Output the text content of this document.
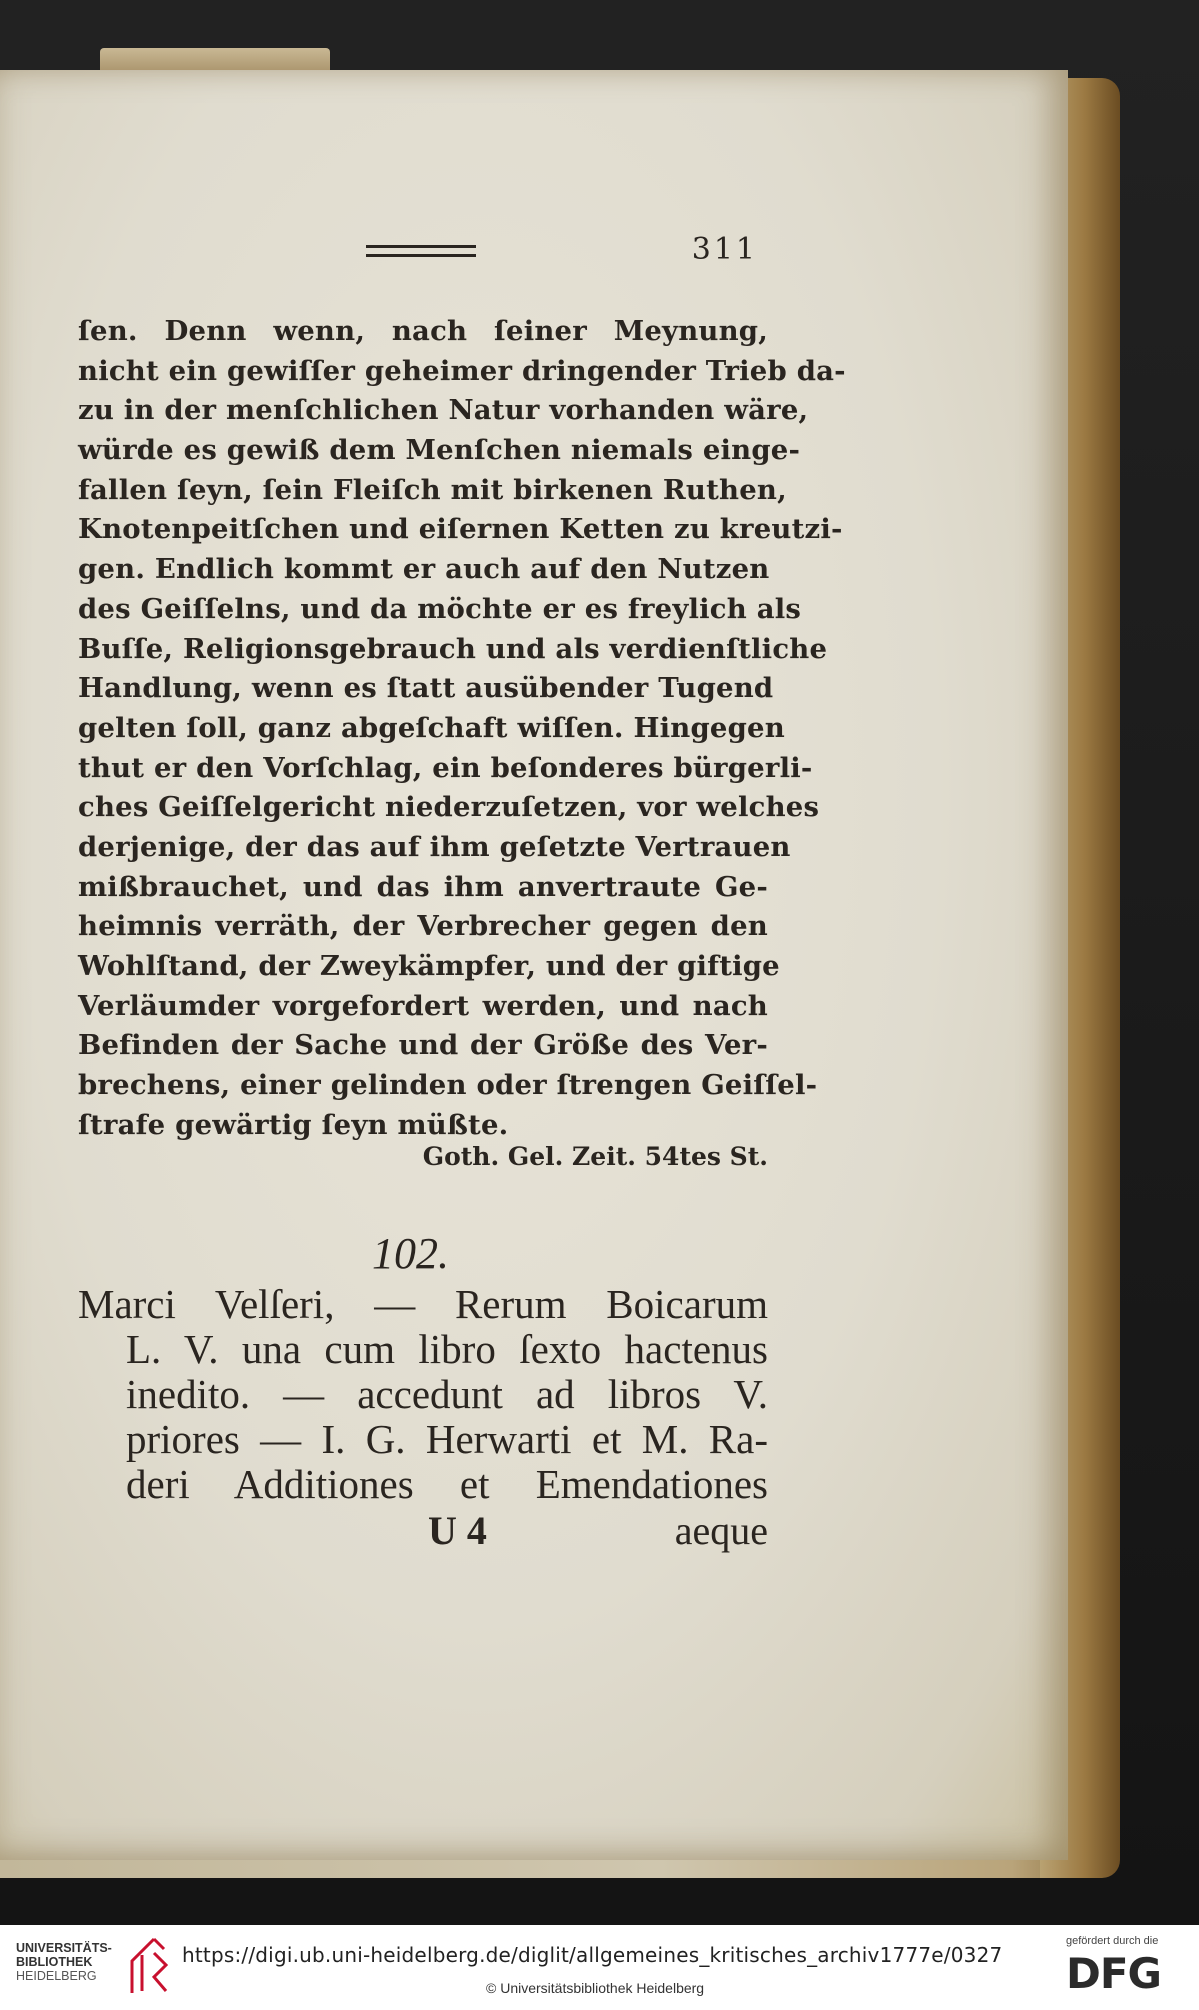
311
ſen. Denn wenn, nach ſeiner Meynung,
nicht ein gewiſſer geheimer dringender Trieb da-
zu in der menſchlichen Natur vorhanden wäre,
würde es gewiß dem Menſchen niemals einge-
fallen ſeyn, ſein Fleiſch mit birkenen Ruthen,
Knotenpeitſchen und eiſernen Ketten zu kreutzi-
gen. Endlich kommt er auch auf den Nutzen
des Geiſſelns, und da möchte er es freylich als
Buſſe, Religionsgebrauch und als verdienſtliche
Handlung, wenn es ſtatt ausübender Tugend
gelten ſoll, ganz abgeſchaft wiſſen. Hingegen
thut er den Vorſchlag, ein beſonderes bürgerli-
ches Geiſſelgericht niederzuſetzen, vor welches
derjenige, der das auf ihm geſetzte Vertrauen
mißbrauchet, und das ihm anvertraute Ge-
heimnis verräth, der Verbrecher gegen den
Wohlſtand, der Zweykämpfer, und der giftige
Verläumder vorgefordert werden, und nach
Befinden der Sache und der Größe des Ver-
brechens, einer gelinden oder ſtrengen Geiſſel-
ſtrafe gewärtig ſeyn müßte.
Goth. Gel. Zeit. 54tes St.
102.
Marci Velſeri, — Rerum Boicarum
L. V. una cum libro ſexto hactenus
inedito. — accedunt ad libros V.
priores — I. G. Herwarti et M. Ra-
deri Additiones et Emendationes
U 4	aeque
UNIVERSITÄTS-
BIBLIOTHEK
HEIDELBERG
https://digi.ub.uni-heidelberg.de/diglit/allgemeines_kritisches_archiv1777e/0327
© Universitätsbibliothek Heidelberg
gefördert durch die
DFG
